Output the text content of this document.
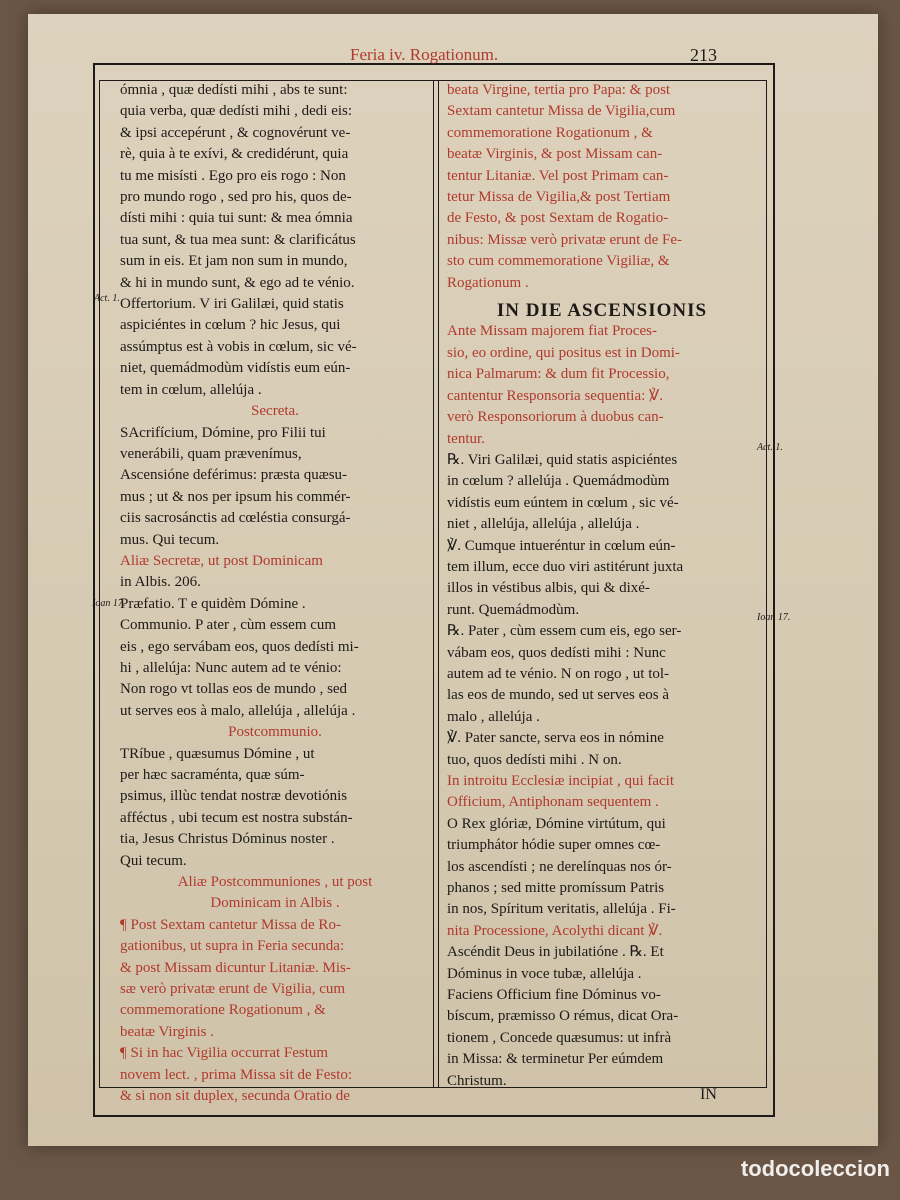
Feria iv. Rogationum.	213
Act. 1.
Ioan 17.
Act. 1.
Ioan 17.
ómnia , quæ dedísti mihi , abs te sunt:
quia verba, quæ dedísti mihi , dedi eis:
& ipsi accepérunt , & cognovérunt ve-
rè, quia à te exívi, & credidérunt, quia
tu me misísti . Ego pro eis rogo : Non
pro mundo rogo , sed pro his, quos de-
dísti mihi : quia tui sunt: & mea ómnia
tua sunt, & tua mea sunt: & clarificátus
sum in eis. Et jam non sum in mundo,
& hi in mundo sunt, & ego ad te vénio.
Offertorium. V iri Galilæi, quid statis
aspiciéntes in cœlum ? hic Jesus, qui
assúmptus est à vobis in cœlum, sic vé-
niet, quemádmodùm vidístis eum eún-
tem in cœlum, allelúja .
Secreta.
SAcrifícium, Dómine, pro Filii tui
venerábili, quam prævenímus,
Ascensióne deférimus: præsta quæsu-
mus ; ut & nos per ipsum his commér-
ciis sacrosánctis ad cœléstia consurgá-
mus. Qui tecum.
Aliæ Secretæ, ut post Dominicam
in Albis. 206.
Præfatio. T e quidèm Dómine .
Communio. P ater , cùm essem cum
eis , ego servábam eos, quos dedísti mi-
hi , allelúja: Nunc autem ad te vénio:
Non rogo vt tollas eos de mundo , sed
ut serves eos à malo, allelúja , allelúja .
Postcommunio.
TRíbue , quæsumus Dómine , ut
per hæc sacraménta, quæ súm-
psimus, illùc tendat nostræ devotiónis
afféctus , ubi tecum est nostra substán-
tia, Jesus Christus Dóminus noster .
Qui tecum.
Aliæ Postcommuniones , ut post
Dominicam in Albis .
¶ Post Sextam cantetur Missa de Ro-
gationibus, ut supra in Feria secunda:
& post Missam dicuntur Litaniæ. Mis-
sæ verò privatæ erunt de Vigilia, cum
commemoratione Rogationum , &
beatæ Virginis .
¶ Si in hac Vigilia occurrat Festum
novem lect. , prima Missa sit de Festo:
& si non sit duplex, secunda Oratio de
beata Virgine, tertia pro Papa: & post
Sextam cantetur Missa de Vigilia,cum
commemoratione Rogationum , &
beatæ Virginis, & post Missam can-
tentur Litaniæ. Vel post Primam can-
tetur Missa de Vigilia,& post Tertiam
de Festo, & post Sextam de Rogatio-
nibus: Missæ verò privatæ erunt de Fe-
sto cum commemoratione Vigiliæ, &
Rogationum .
IN DIE ASCENSIONIS
Ante Missam majorem fiat Proces-
sio, eo ordine, qui positus est in Domi-
nica Palmarum: & dum fit Processio,
cantentur Responsoria sequentia: ℣.
verò Responsoriorum à duobus can-
tentur.
℞. Viri Galilæi, quid statis aspiciéntes
in cœlum ? allelúja . Quemádmodùm
vidístis eum eúntem in cœlum , sic vé-
niet , allelúja, allelúja , allelúja .
℣. Cumque intueréntur in cœlum eún-
tem illum, ecce duo viri astitérunt juxta
illos in véstibus albis, qui & dixé-
runt. Quemádmodùm.
℞. Pater , cùm essem cum eis, ego ser-
vábam eos, quos dedísti mihi : Nunc
autem ad te vénio. N on rogo , ut tol-
las eos de mundo, sed ut serves eos à
malo , allelúja .
℣. Pater sancte, serva eos in nómine
tuo, quos dedísti mihi . N on.
In introitu Ecclesiæ incipiat , qui facit
Officium, Antiphonam sequentem .
O Rex glóriæ, Dómine virtútum, qui
triumphátor hódie super omnes cœ-
los ascendísti ; ne derelínquas nos ór-
phanos ; sed mitte promíssum Patris
in nos, Spíritum veritatis, allelúja . Fi-
nita Processione, Acolythi dicant ℣.
Ascéndit Deus in jubilatióne . ℞. Et
Dóminus in voce tubæ, allelúja .
Faciens Officium fine Dóminus vo-
bíscum, præmisso O rémus, dicat Ora-
tionem , Concede quæsumus: ut infrà
in Missa: & terminetur Per eúmdem
Christum.
IN
todocoleccion
